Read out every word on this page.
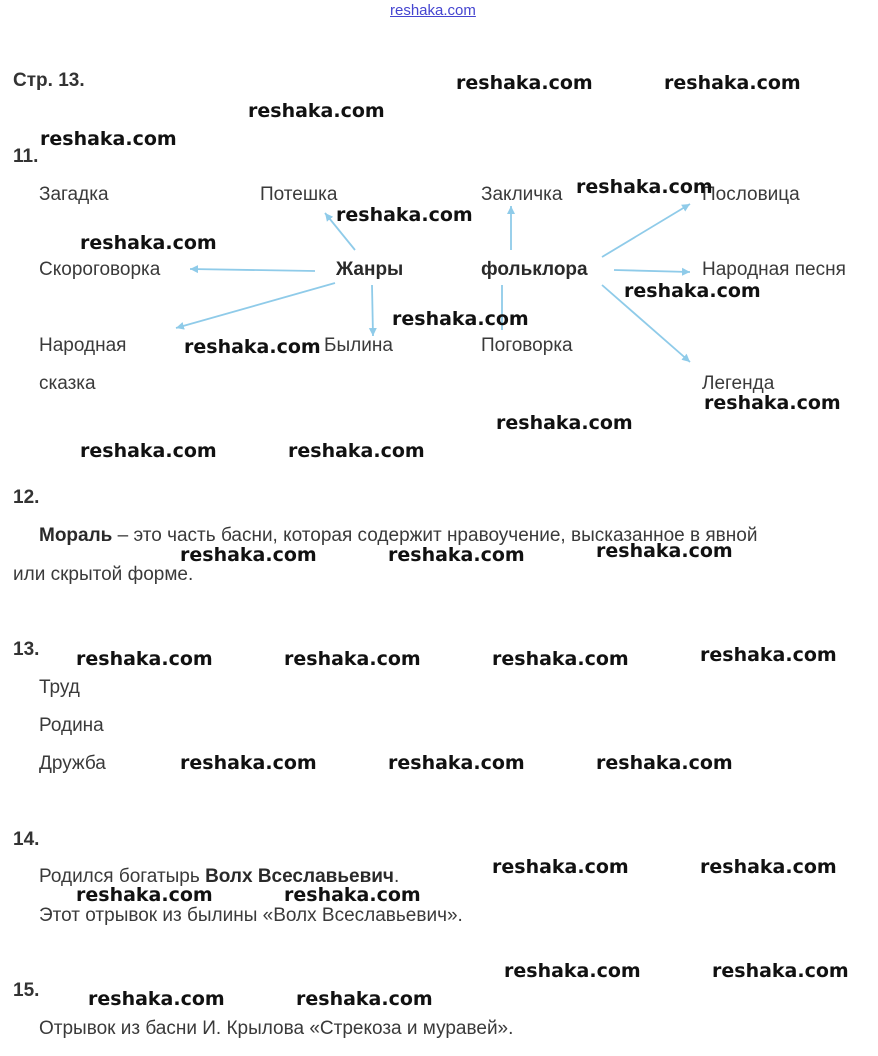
reshaka.com
Стр. 13.
11.
Загадка	Потешка	Закличка	Пословица
Скороговорка	Жанры	фольклора	Народная песня
Народная	Былина	Поговорка
сказка	Легенда
12.
Мораль – это часть басни, которая содержит нравоучение, высказанное в явной
или скрытой форме.
13.
Труд
Родина
Дружба
14.
Родился богатырь Волх Всеславьевич.
Этот отрывок из былины «Волх Всеславьевич».
15.
Отрывок из басни И. Крылова «Стрекоза и муравей».
reshaka.com	reshaka.com
reshaka.com
reshaka.com
reshaka.com
reshaka.com
reshaka.com
reshaka.com
reshaka.com
reshaka.com
reshaka.com
reshaka.com
reshaka.com	reshaka.com
reshaka.com
reshaka.com	reshaka.com
reshaka.com
reshaka.com	reshaka.com	reshaka.com
reshaka.com	reshaka.com	reshaka.com
reshaka.com	reshaka.com
reshaka.com	reshaka.com
reshaka.com	reshaka.com
reshaka.com	reshaka.com
